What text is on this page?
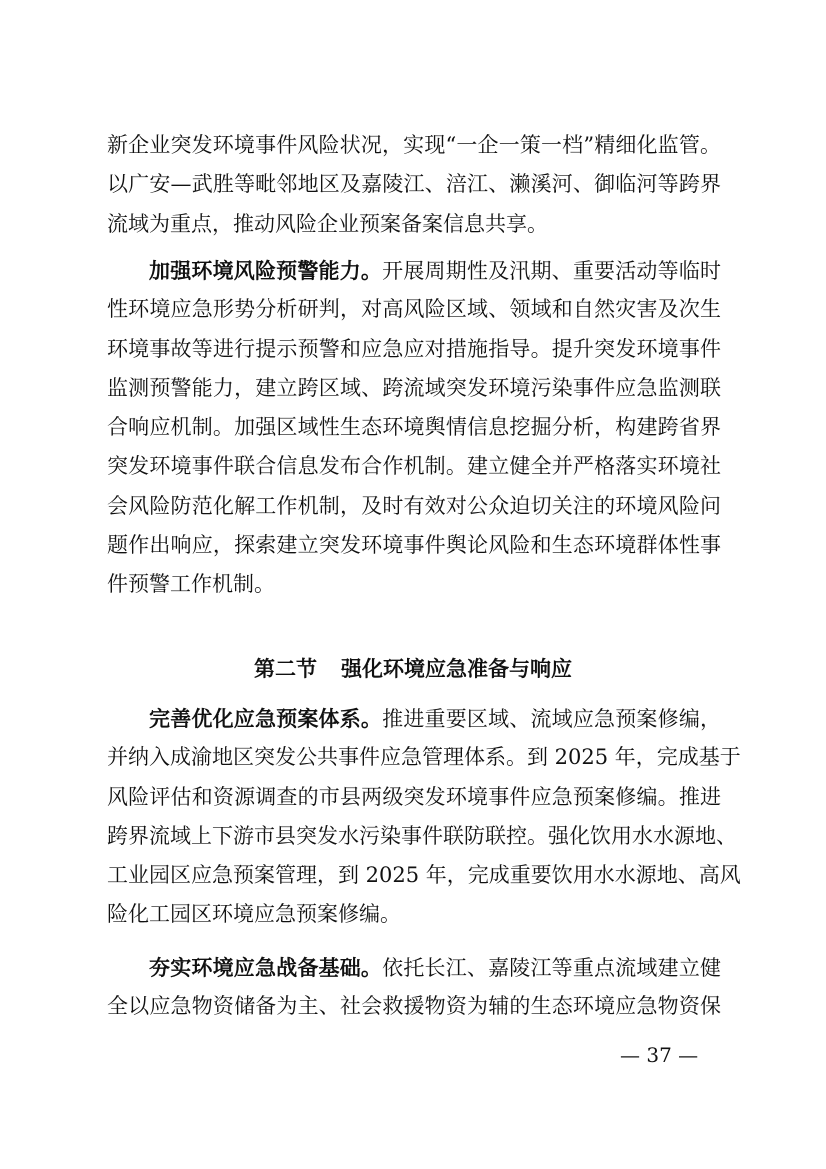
新企业突发环境事件风险状况，实现“一企一策一档”精细化监管。
以广安—武胜等毗邻地区及嘉陵江、涪江、濑溪河、御临河等跨界
流域为重点，推动风险企业预案备案信息共享。
加强环境风险预警能力。开展周期性及汛期、重要活动等临时
性环境应急形势分析研判，对高风险区域、领域和自然灾害及次生
环境事故等进行提示预警和应急应对措施指导。提升突发环境事件
监测预警能力，建立跨区域、跨流域突发环境污染事件应急监测联
合响应机制。加强区域性生态环境舆情信息挖掘分析，构建跨省界
突发环境事件联合信息发布合作机制。建立健全并严格落实环境社
会风险防范化解工作机制，及时有效对公众迫切关注的环境风险问
题作出响应，探索建立突发环境事件舆论风险和生态环境群体性事
件预警工作机制。
第二节 强化环境应急准备与响应
完善优化应急预案体系。推进重要区域、流域应急预案修编，
并纳入成渝地区突发公共事件应急管理体系。到 2025 年，完成基于
风险评估和资源调查的市县两级突发环境事件应急预案修编。推进
跨界流域上下游市县突发水污染事件联防联控。强化饮用水水源地、
工业园区应急预案管理，到 2025 年，完成重要饮用水水源地、高风
险化工园区环境应急预案修编。
夯实环境应急战备基础。依托长江、嘉陵江等重点流域建立健
全以应急物资储备为主、社会救援物资为辅的生态环境应急物资保
— 37 —
